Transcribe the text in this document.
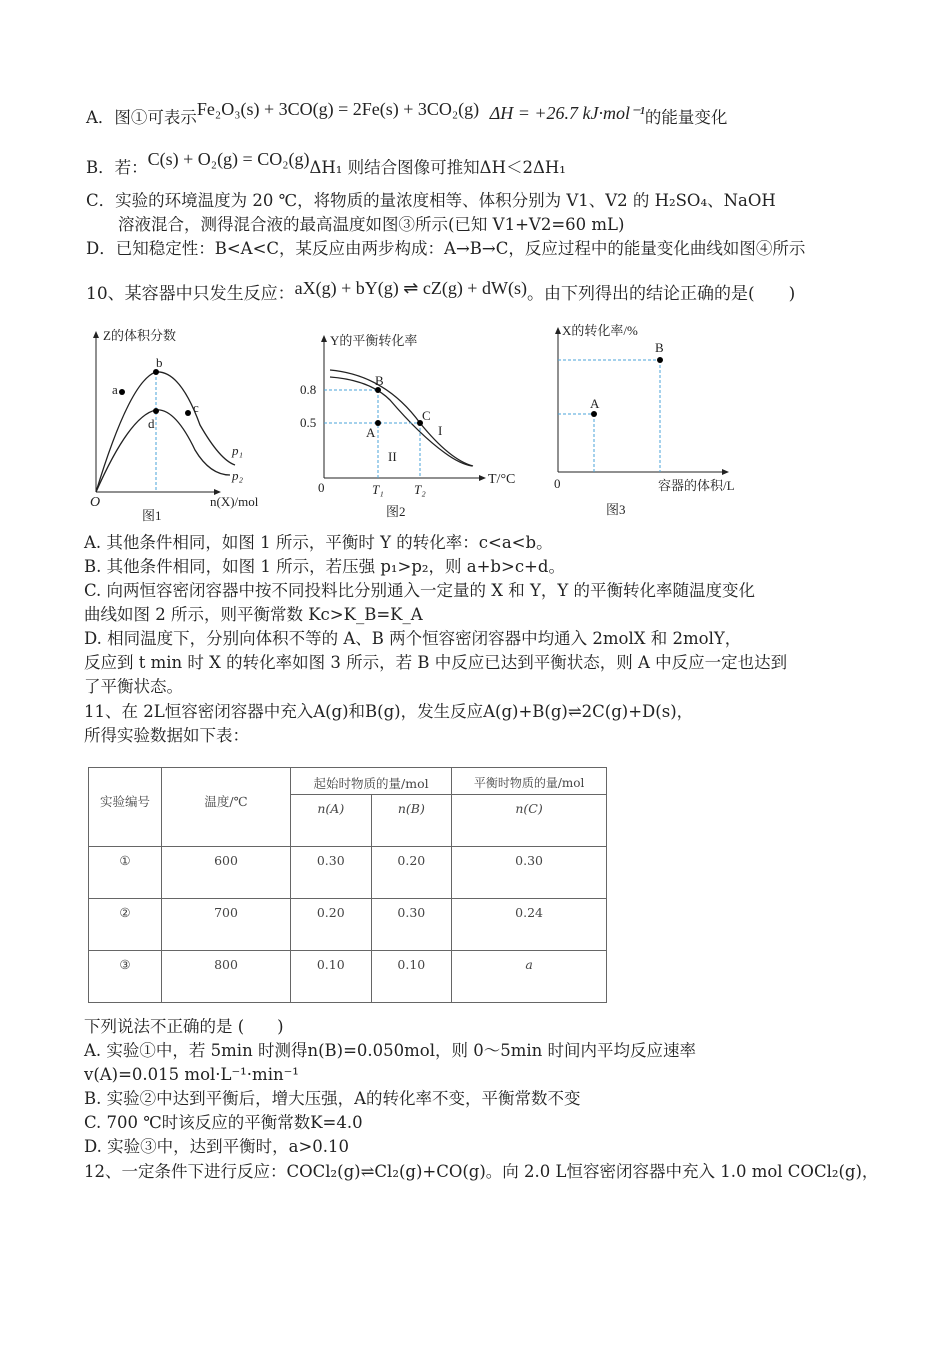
A．图①可表示Fe₂O₃(s) + 3CO(g) = 2Fe(s) + 3CO₂(g) ΔH = +26.7 kJ·mol⁻¹的能量变化
B．若：C(s) + O₂(g) = CO₂(g)ΔH₁ 则结合图像可推知ΔH＜2ΔH₁
C．实验的环境温度为 20 ℃，将物质的量浓度相等、体积分别为 V1、V2 的 H₂SO₄、NaOH
溶液混合，测得混合液的最高温度如图③所示(已知 V1+V2=60 mL)
D．已知稳定性：B<A<C，某反应由两步构成：A→B→C，反应过程中的能量变化曲线如图④所示
10、某容器中只发生反应：aX(g) + bY(g) ⇌ cZ(g) + dW(s)。由下列得出的结论正确的是(　　)
Z的体积分数
O	n(X)/mol
a
b
c
d
p₁
p₂
图1
Y的平衡转化率
0.8
0.5
0	T₁ T₂
T/°C
A
B
C
I
II
图2
X的转化率/%
A
B
0	容器的体积/L
图3
A. 其他条件相同，如图 1 所示，平衡时 Y 的转化率：c<a<b。
B. 其他条件相同，如图 1 所示，若压强 p₁>p₂，则 a+b>c+d。
C. 向两恒容密闭容器中按不同投料比分别通入一定量的 X 和 Y，Y 的平衡转化率随温度变化
曲线如图 2 所示，则平衡常数 Kc>K_B=K_A
D. 相同温度下，分别向体积不等的 A、B 两个恒容密闭容器中均通入 2molX 和 2molY，
反应到 t min 时 X 的转化率如图 3 所示，若 B 中反应已达到平衡状态，则 A 中反应一定也达到
了平衡状态。
11、在 2L恒容密闭容器中充入A(g)和B(g)，发生反应A(g)+B(g)⇌2C(g)+D(s)，
所得实验数据如下表：
实验编号	温度/℃	起始时物质的量/mol		平衡时物质的量/mol
		n(A)	n(B)	n(C)
①	600	0.30	0.20	0.30
②	700	0.20	0.30	0.24
③	800	0.10	0.10	a
下列说法不正确的是 (　　)
A. 实验①中，若 5min 时测得n(B)=0.050mol，则 0～5min 时间内平均反应速率
v(A)=0.015 mol·L⁻¹·min⁻¹
B. 实验②中达到平衡后，增大压强，A的转化率不变，平衡常数不变
C. 700 ℃时该反应的平衡常数K=4.0
D. 实验③中，达到平衡时，a>0.10
12、一定条件下进行反应：COCl₂(g)⇌Cl₂(g)+CO(g)。向 2.0 L恒容密闭容器中充入 1.0 mol COCl₂(g)，
